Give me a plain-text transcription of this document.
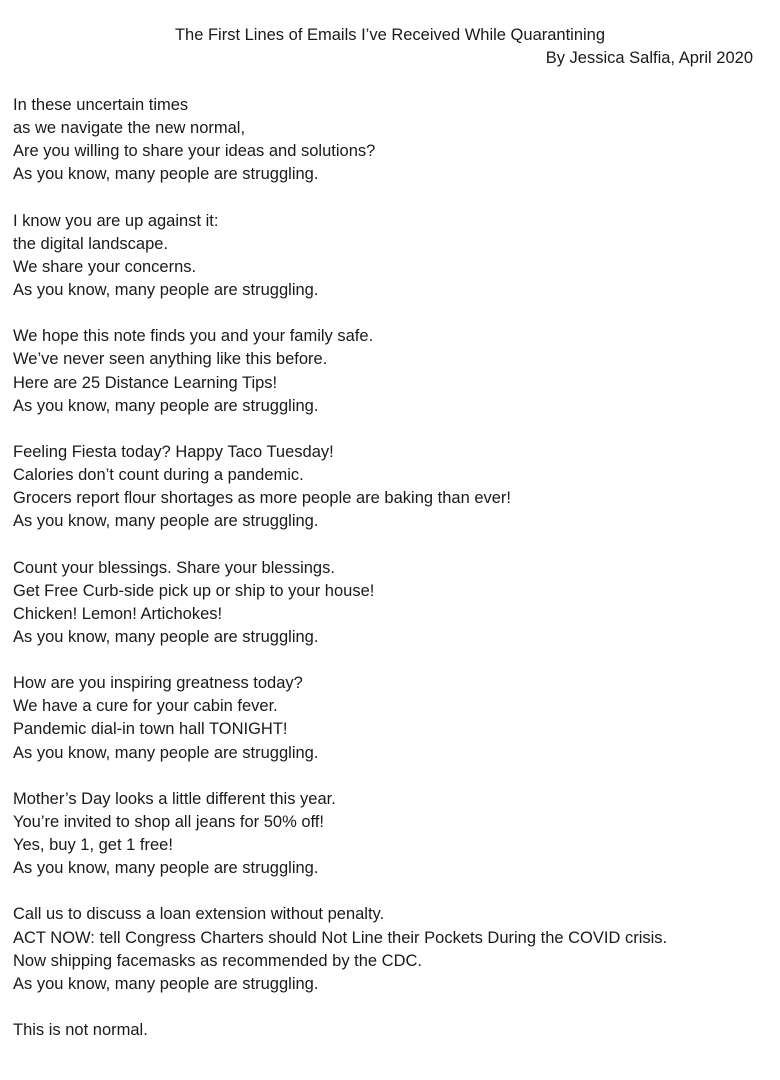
The First Lines of Emails I’ve Received While Quarantining

By Jessica Salfia, April 2020

In these uncertain times
as we navigate the new normal,
Are you willing to share your ideas and solutions?
As you know, many people are struggling.
I know you are up against it:
the digital landscape.
We share your concerns.
As you know, many people are struggling.
We hope this note finds you and your family safe.
We’ve never seen anything like this before.
Here are 25 Distance Learning Tips!
As you know, many people are struggling.
Feeling Fiesta today? Happy Taco Tuesday!
Calories don’t count during a pandemic.
Grocers report flour shortages as more people are baking than ever!
As you know, many people are struggling.
Count your blessings. Share your blessings.
Get Free Curb-side pick up or ship to your house!
Chicken! Lemon! Artichokes!
As you know, many people are struggling.
How are you inspiring greatness today?
We have a cure for your cabin fever.
Pandemic dial-in town hall TONIGHT!
As you know, many people are struggling.
Mother’s Day looks a little different this year.
You’re invited to shop all jeans for 50% off!
Yes, buy 1, get 1 free!
As you know, many people are struggling.
Call us to discuss a loan extension without penalty.
ACT NOW: tell Congress Charters should Not Line their Pockets During the COVID crisis.
Now shipping facemasks as recommended by the CDC.
As you know, many people are struggling.
This is not normal.
